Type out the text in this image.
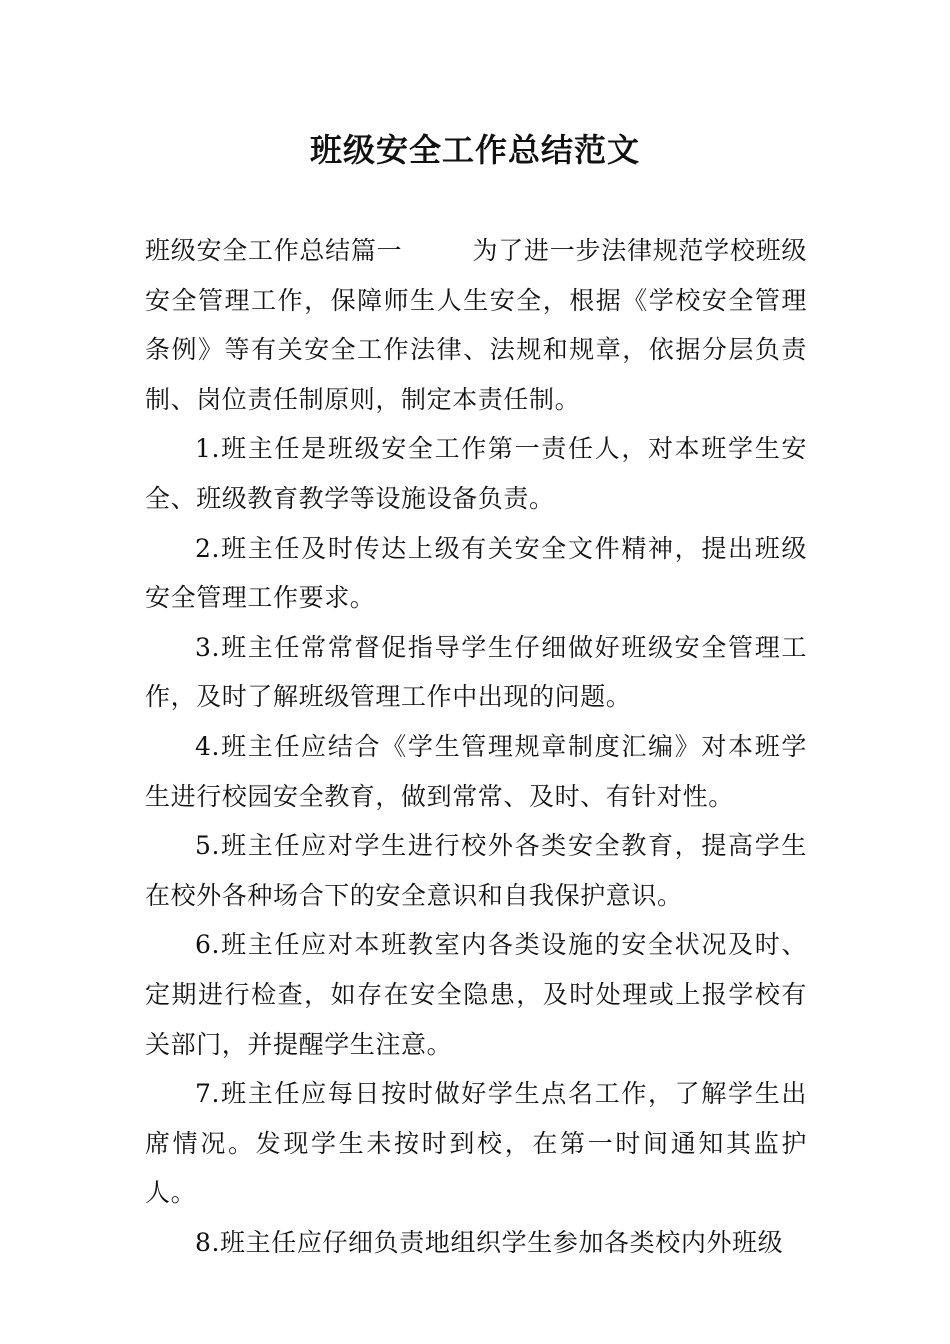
班级安全工作总结范文

班级安全工作总结篇一	为了进一步法律规范学校班级安全管理工作，保障师生人生安全，根据《学校安全管理条例》等有关安全工作法律、法规和规章，依据分层负责制、岗位责任制原则，制定本责任制。

1.班主任是班级安全工作第一责任人，对本班学生安全、班级教育教学等设施设备负责。

2.班主任及时传达上级有关安全文件精神，提出班级安全管理工作要求。

3.班主任常常督促指导学生仔细做好班级安全管理工作，及时了解班级管理工作中出现的问题。

4.班主任应结合《学生管理规章制度汇编》对本班学生进行校园安全教育，做到常常、及时、有针对性。

5.班主任应对学生进行校外各类安全教育，提高学生在校外各种场合下的安全意识和自我保护意识。

6.班主任应对本班教室内各类设施的安全状况及时、定期进行检查，如存在安全隐患，及时处理或上报学校有关部门，并提醒学生注意。

7.班主任应每日按时做好学生点名工作，了解学生出席情况。发现学生未按时到校，在第一时间通知其监护人。

8.班主任应仔细负责地组织学生参加各类校内外班级
